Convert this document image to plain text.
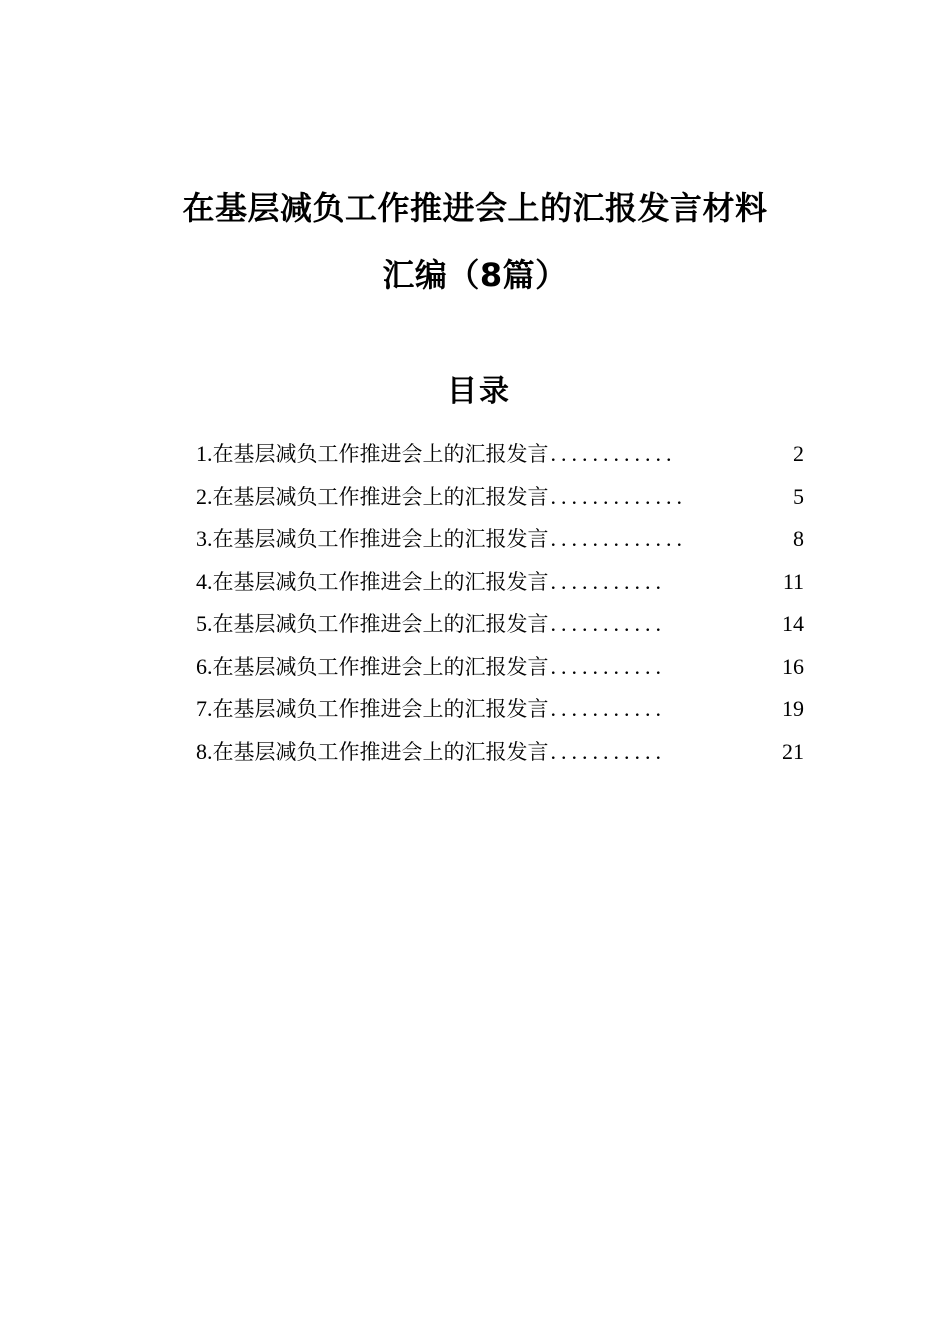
在基层减负工作推进会上的汇报发言材料
汇编（8篇）
目录
1. 在基层减负工作推进会上的汇报发言 ............	2
2. 在基层减负工作推进会上的汇报发言 .............	5
3. 在基层减负工作推进会上的汇报发言 .............	8
4. 在基层减负工作推进会上的汇报发言 ...........	11
5. 在基层减负工作推进会上的汇报发言 ...........	14
6. 在基层减负工作推进会上的汇报发言 ...........	16
7. 在基层减负工作推进会上的汇报发言 ...........	19
8. 在基层减负工作推进会上的汇报发言 ...........	21
